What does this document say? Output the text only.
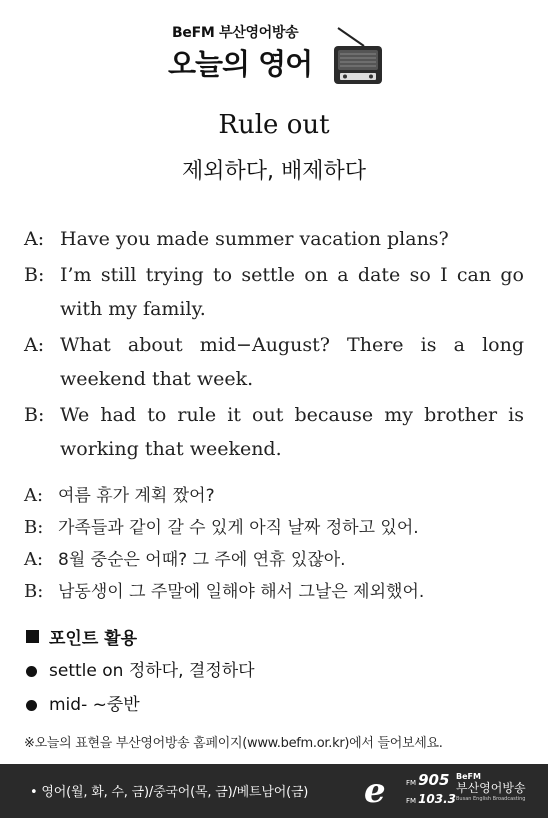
BeFM 부산영어방송
오늘의 영어
Rule out
제외하다, 배제하다
A: Have you made summer vacation plans?
B: I’m still trying to settle on a date so I can go with my family.
A: What about mid−August? There is a long weekend that week.
B: We had to rule it out because my brother is working that weekend.
A: 여름 휴가 계획 짰어?
B: 가족들과 같이 갈 수 있게 아직 날짜 정하고 있어.
A: 8월 중순은 어때? 그 주에 연휴 있잖아.
B: 남동생이 그 주말에 일해야 해서 그날은 제외했어.
포인트 활용
settle on
정하다, 결정하다
mid-
~중반
※오늘의 표현을 부산영어방송 홈페이지(www.befm.or.kr)에서 들어보세요.
• 영어(월, 화, 수, 금)/중국어(목, 금)/베트남어(금) e	FM 905
FM 103.3
BeFM
부산영어방송
Busan English Broadcasting
